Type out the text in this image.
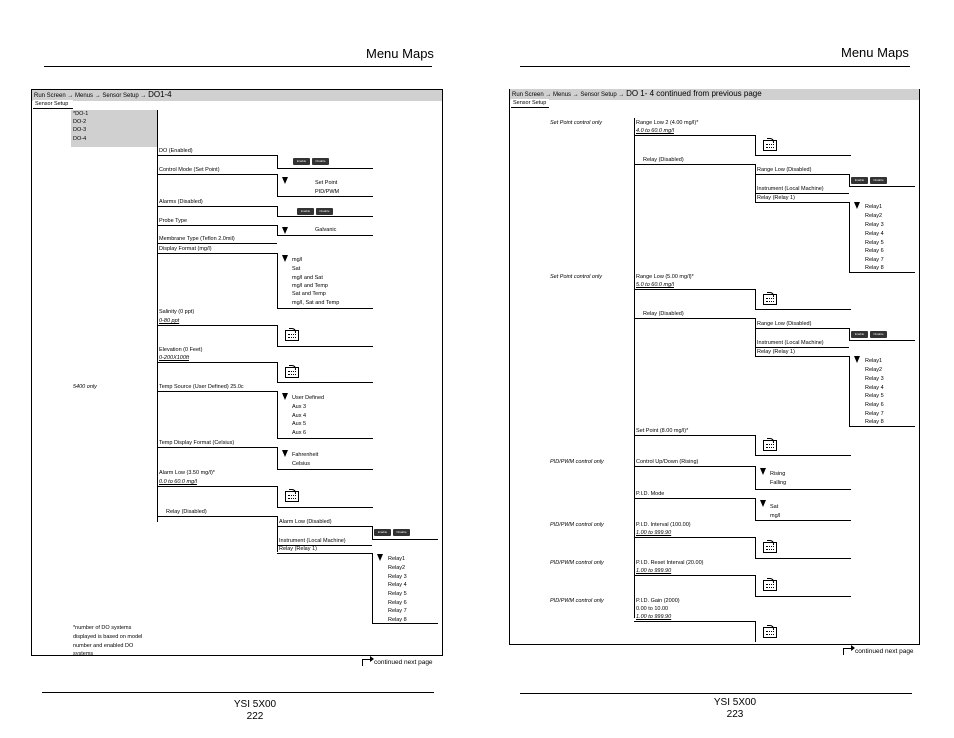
Menu Maps
Run Screen → Menus → Sensor Setup → DO1-4
Sensor Setup
*DO-1
DO-2
DO-3
DO-4
DO (Enabled)
Enable	Disable
Control Mode (Set Point)
Set Point
PID/PWM
Alarms (Disabled)
Enable	Disable
Probe Type
Galvanic
Membrane Type (Teflon 2.0mil)
Display Format (mg/l)
mg/l
Sat
mg/l and Sat
mg/l and Temp
Sat and Temp
mg/l, Sat and Temp
Salinity (0 ppt)
0-80 ppt
Elevation (0 Feet)
0-200X100ft
5400 only	Temp Source (User Defined) 25.0c
User Defined
Aux 3
Aux 4
Aux 5
Aux 6
Temp Display Format (Celsius)
Fahrenheit
Celsius
Alarm Low (3.50 mg/l)*
0.0 to 60.0 mg/l
Relay (Disabled)
Alarm Low (Disabled)
Enable	Disable
Instrument (Local Machine)
Relay (Relay 1)
Relay1
Relay2
Relay 3
Relay 4
Relay 5
Relay 6
Relay 7
Relay 8
*number of DO systems
displayed is based on model
number and enabled DO
systems
continued next page
YSI 5X00
222
Menu Maps
Run Screen → Menus → Sensor Setup → DO 1- 4 continued from previous page
Sensor Setup
Set Point control only	Range Low 2 (4.00 mg/l)*
4.0 to 60.0 mg/l
Relay (Disabled)
Range Low (Disabled)
Enable	Disable
Instrument (Local Machine)
Relay (Relay 1)
Relay1
Relay2
Relay 3
Relay 4
Relay 5
Relay 6
Relay 7
Relay 8
Set Point control only	Range Low (5.00 mg/l)*
5.0 to 60.0 mg/l
Relay (Disabled)
Range Low (Disabled)
Enable	Disable
Instrument (Local Machine)
Relay (Relay 1)
Relay1
Relay2
Relay 3
Relay 4
Relay 5
Relay 6
Relay 7
Relay 8
Set Point (8.00 mg/l)*
PID/PWM control only	Control Up/Down (Rising)
Rising
Falling
P.I.D. Mode
Sat
mg/l
PID/PWM control only	P.I.D. Interval (100.00)
1.00 to 999.90
PID/PWM control only	P.I.D. Reset Interval (20.00)
1.00 to 999.90
PID/PWM control only	P.I.D. Gain (2000)
0.00 to 10.00
1.00 to 999.90
continued next page
YSI 5X00
223
